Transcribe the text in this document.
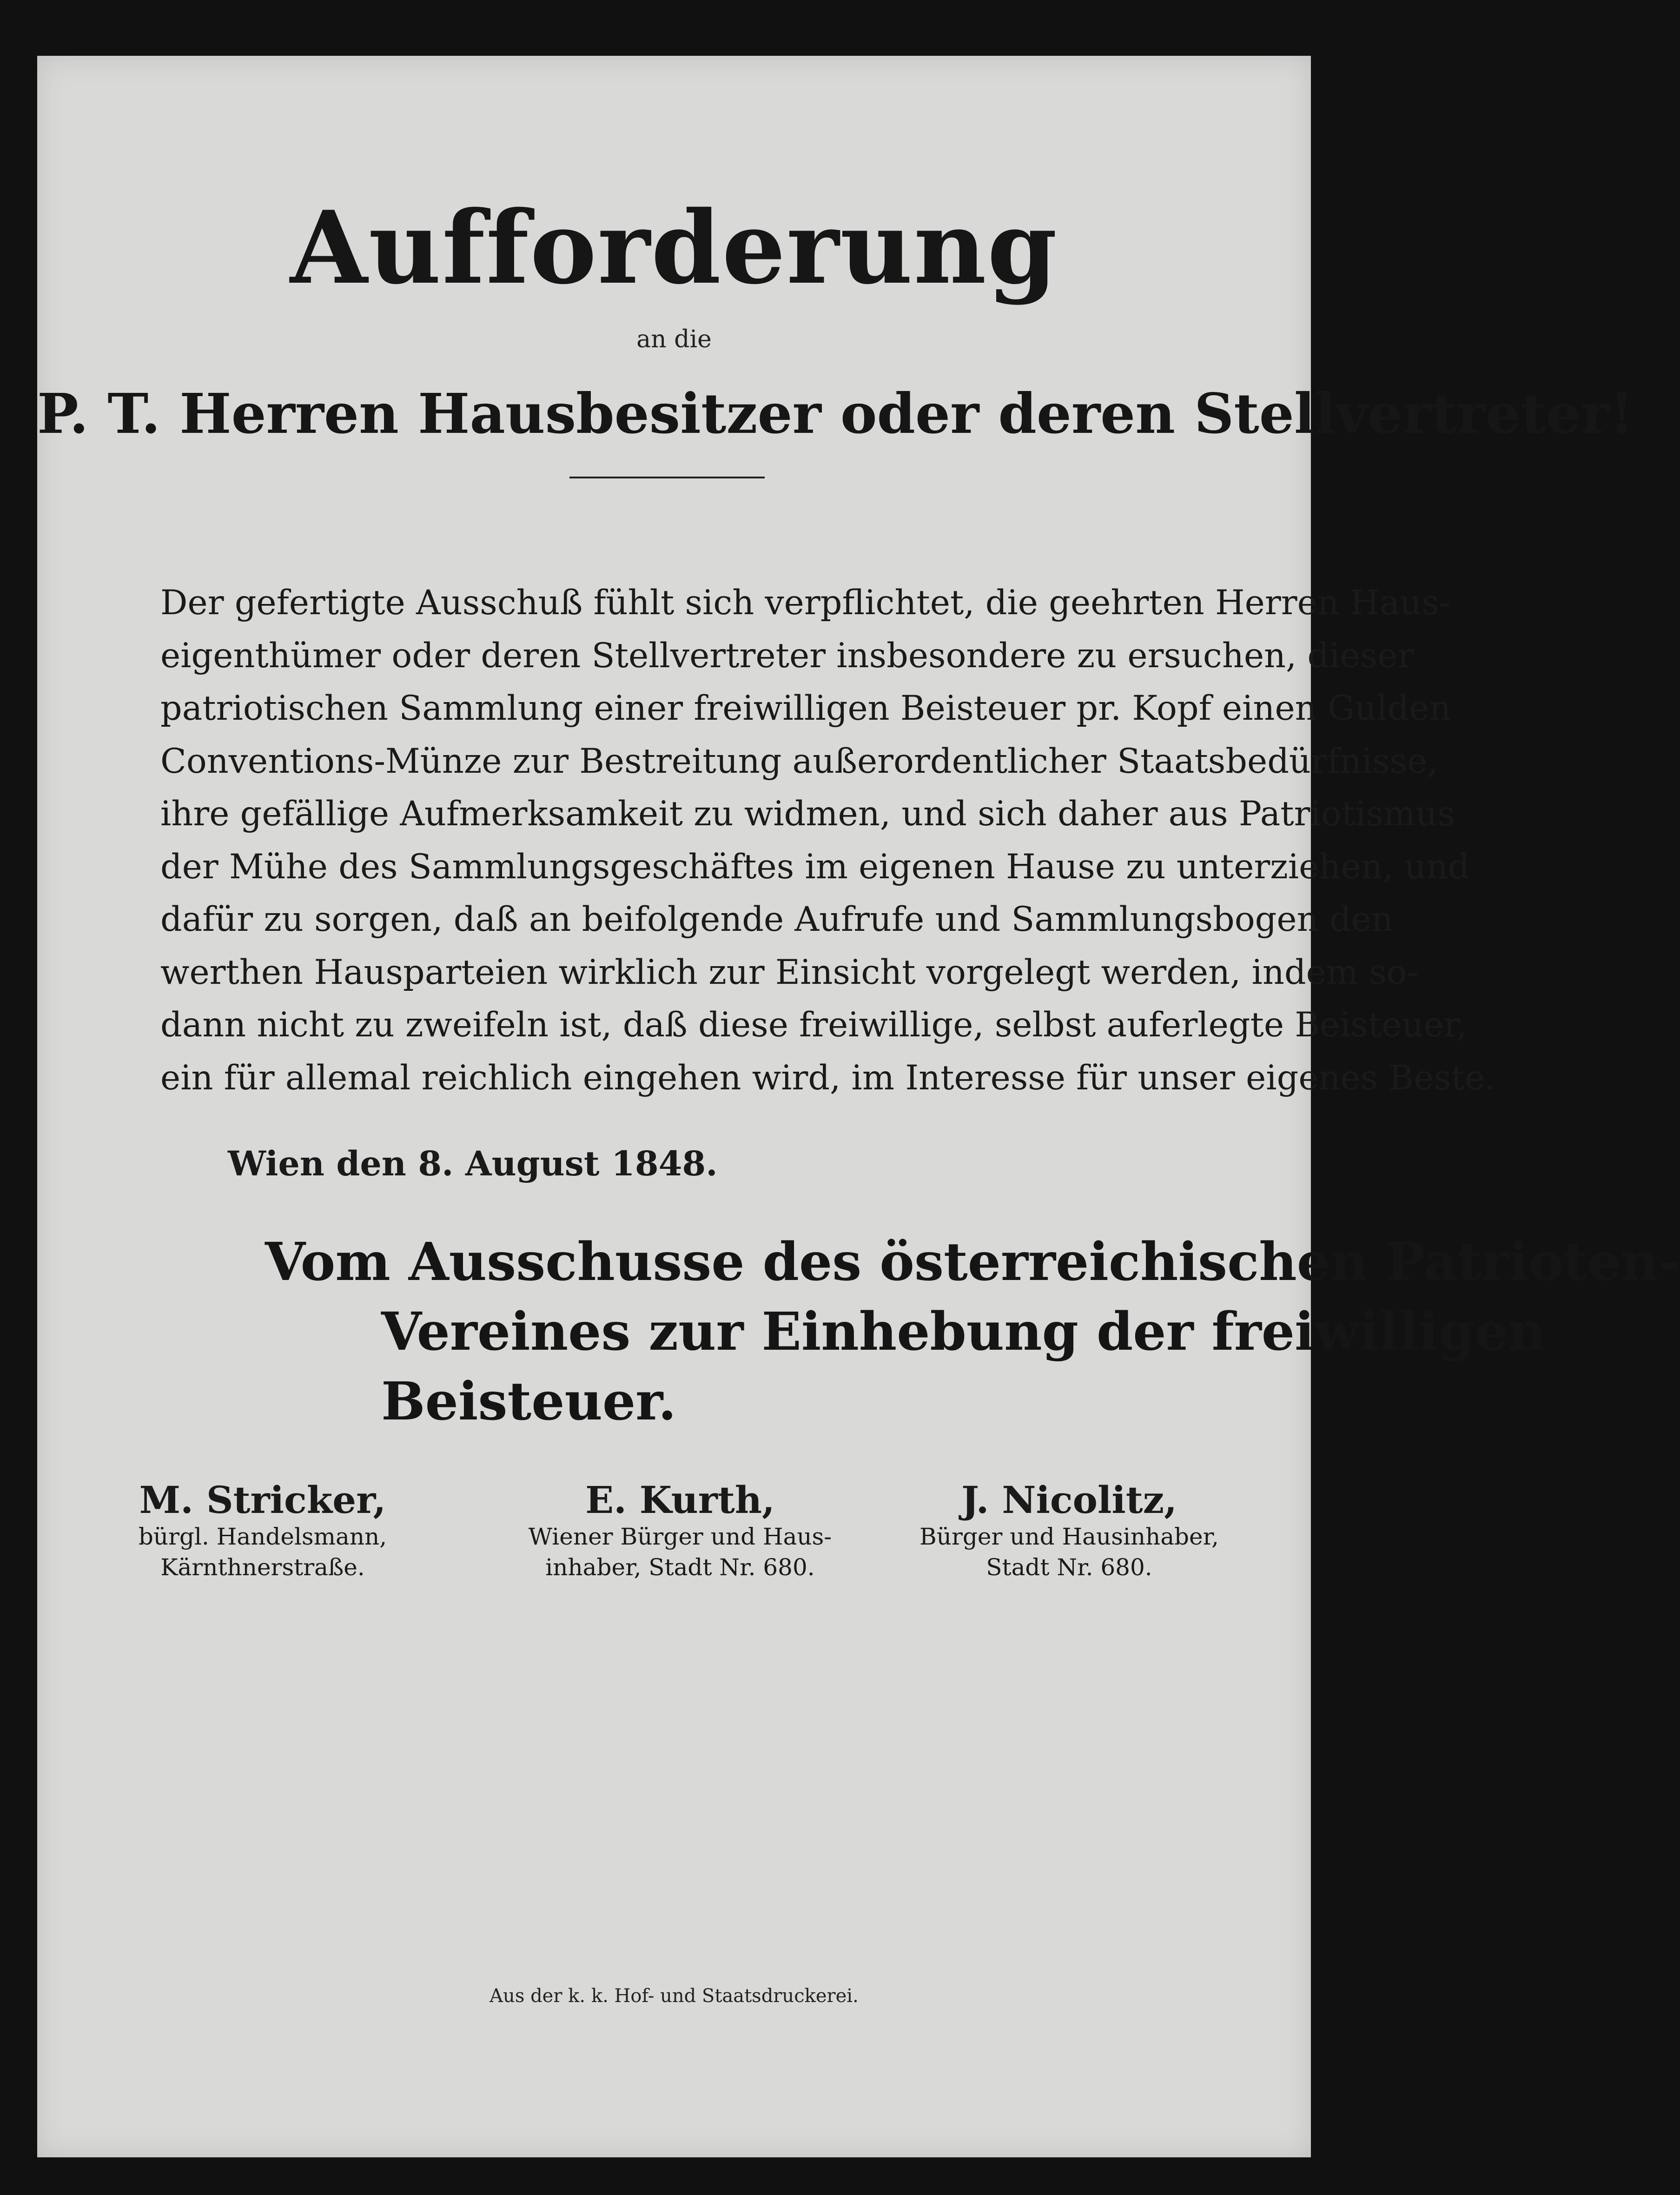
Aufforderung
an die
P. T. Herren Hausbesitzer oder deren Stellvertreter!
Der gefertigte Ausschuß fühlt sich verpflichtet, die geehrten Herren Haus-
eigenthümer oder deren Stellvertreter insbesondere zu ersuchen, dieser
patriotischen Sammlung einer freiwilligen Beisteuer pr. Kopf einen Gulden
Conventions-Münze zur Bestreitung außerordentlicher Staatsbedürfnisse,
ihre gefällige Aufmerksamkeit zu widmen, und sich daher aus Patriotismus
der Mühe des Sammlungsgeschäftes im eigenen Hause zu unterziehen, und
dafür zu sorgen, daß an beifolgende Aufrufe und Sammlungsbogen den
werthen Hausparteien wirklich zur Einsicht vorgelegt werden, indem so-
dann nicht zu zweifeln ist, daß diese freiwillige, selbst auferlegte Beisteuer,
ein für allemal reichlich eingehen wird, im Interesse für unser eigenes Beste.
Wien den 8. August 1848.
Vom Ausschusse des österreichischen Patrioten-
Vereines zur Einhebung der freiwilligen
Beisteuer.
M. Stricker,
bürgl. Handelsmann,
Kärnthnerstraße.
E. Kurth,
Wiener Bürger und Haus-
inhaber, Stadt Nr. 680.
J. Nicolitz,
Bürger und Hausinhaber,
Stadt Nr. 680.
Aus der k. k. Hof- und Staatsdruckerei.
